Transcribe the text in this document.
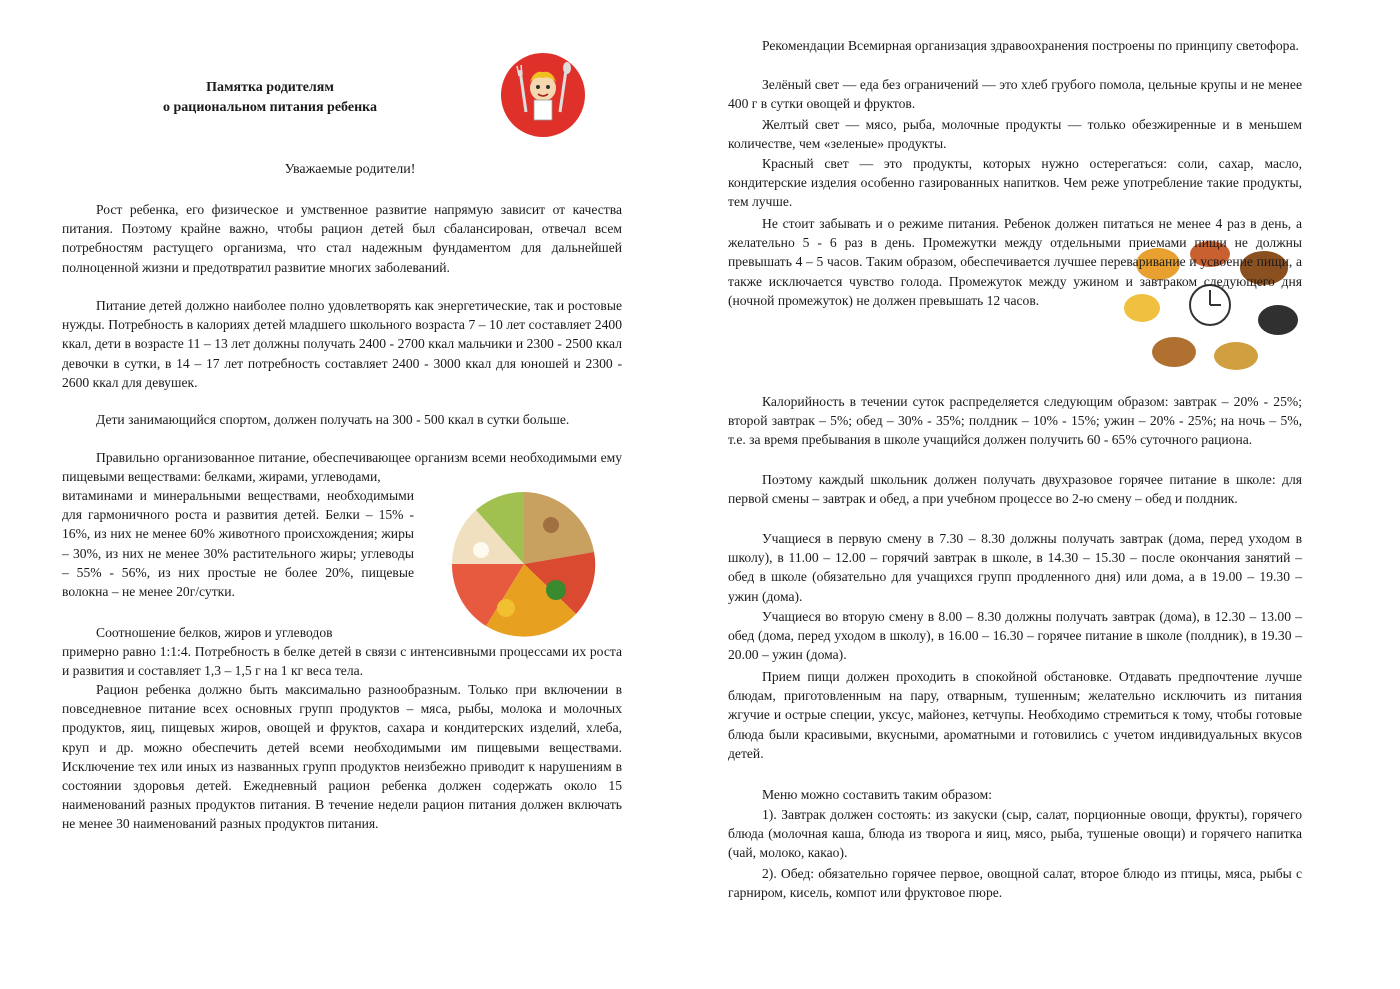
Памятка родителям
о рациональном питания ребенка
Уважаемые родители!

Рост ребенка, его физическое и умственное развитие напрямую зависит от качества питания. Поэтому крайне важно, чтобы рацион детей был сбалансирован, отвечал всем потребностям растущего организма, что стал надежным фундаментом для дальнейшей полноценной жизни и предотвратил развитие многих заболеваний.

Питание детей должно наиболее полно удовлетворять как энергетические, так и ростовые нужды. Потребность в калориях детей младшего школьного возраста 7 – 10 лет составляет 2400 ккал, дети в возрасте 11 – 13 лет должны получать 2400 - 2700 ккал мальчики и 2300 - 2500 ккал девочки в сутки, в 14 – 17 лет потребность составляет 2400 - 3000 ккал для юношей и 2300 - 2600 ккал для девушек.

Дети занимающийся спортом, должен получать на 300 - 500 ккал в сутки больше.

Правильно организованное питание, обеспечивающее организм всеми необходимыми ему пищевыми веществами: белками, жирами, углеводами,

витаминами и минеральными веществами, необходимыми для гармоничного роста и развития детей. Белки – 15% - 16%, из них не менее 60% животного происхождения; жиры – 30%, из них не менее 30% растительного жиры; углеводы – 55% - 56%, из них простые не более 20%, пищевые волокна – не менее 20г/сутки.

Соотношение белков, жиров и углеводов

примерно равно 1:1:4. Потребность в белке детей в связи с интенсивными процессами их роста и развития и составляет 1,3 – 1,5 г на 1 кг веса тела.

Рацион ребенка должно быть максимально разнообразным. Только при включении в повседневное питание всех основных групп продуктов – мяса, рыбы, молока и молочных продуктов, яиц, пищевых жиров, овощей и фруктов, сахара и кондитерских изделий, хлеба, круп и др. можно обеспечить детей всеми необходимыми им пищевыми веществами. Исключение тех или иных из названных групп продуктов неизбежно приводит к нарушениям в состоянии здоровья детей. Ежедневный рацион ребенка должен содержать около 15 наименований разных продуктов питания. В течение недели рацион питания должен включать не менее 30 наименований разных продуктов питания.

Рекомендации Всемирная организация здравоохранения построены по принципу светофора.

Зелёный свет — еда без ограничений — это хлеб грубого помола, цельные крупы и не менее 400 г в сутки овощей и фруктов.

Желтый свет — мясо, рыба, молочные продукты — только обезжиренные и в меньшем количестве, чем «зеленые» продукты.

Красный свет — это продукты, которых нужно остерегаться: соли, сахар, масло, кондитерские изделия особенно газированных напитков. Чем реже употребление такие продукты, тем лучше.

Не стоит забывать и о режиме питания. Ребенок должен питаться не менее 4 раз в день, а желательно 5 - 6 раз в день. Промежутки между отдельными приемами пищи не должны превышать 4 – 5 часов. Таким образом, обеспечивается лучшее переваривание и усвоение пищи, а также исключается чувство голода. Промежуток между ужином и завтраком следующего дня (ночной промежуток) не должен превышать 12 часов.

Калорийность в течении суток распределяется следующим образом: завтрак – 20% - 25%; второй завтрак – 5%; обед – 30% - 35%; полдник – 10% - 15%; ужин – 20% - 25%; на ночь – 5%, т.е. за время пребывания в школе учащийся должен получить 60 - 65% суточного рациона.

Поэтому каждый школьник должен получать двухразовое горячее питание в школе: для первой смены – завтрак и обед, а при учебном процессе во 2-ю смену – обед и полдник.

Учащиеся в первую смену в 7.30 – 8.30 должны получать завтрак (дома, перед уходом в школу), в 11.00 – 12.00 – горячий завтрак в школе, в 14.30 – 15.30 – после окончания занятий – обед в школе (обязательно для учащихся групп продленного дня) или дома, а в 19.00 – 19.30 – ужин (дома).

Учащиеся во вторую смену в 8.00 – 8.30 должны получать завтрак (дома), в 12.30 – 13.00 – обед (дома, перед уходом в школу), в 16.00 – 16.30 – горячее питание в школе (полдник), в 19.30 – 20.00 – ужин (дома).

Прием пищи должен проходить в спокойной обстановке. Отдавать предпочтение лучше блюдам, приготовленным на пару, отварным, тушенным; желательно исключить из питания жгучие и острые специи, уксус, майонез, кетчупы. Необходимо стремиться к тому, чтобы готовые блюда были красивыми, вкусными, ароматными и готовились с учетом индивидуальных вкусов детей.

Меню можно составить таким образом:

1). Завтрак должен состоять: из закуски (сыр, салат, порционные овощи, фрукты), горячего блюда (молочная каша, блюда из творога и яиц, мясо, рыба, тушеные овощи) и горячего напитка (чай, молоко, какао).

2). Обед: обязательно горячее первое, овощной салат, второе блюдо из птицы, мяса, рыбы с гарниром, кисель, компот или фруктовое пюре.
